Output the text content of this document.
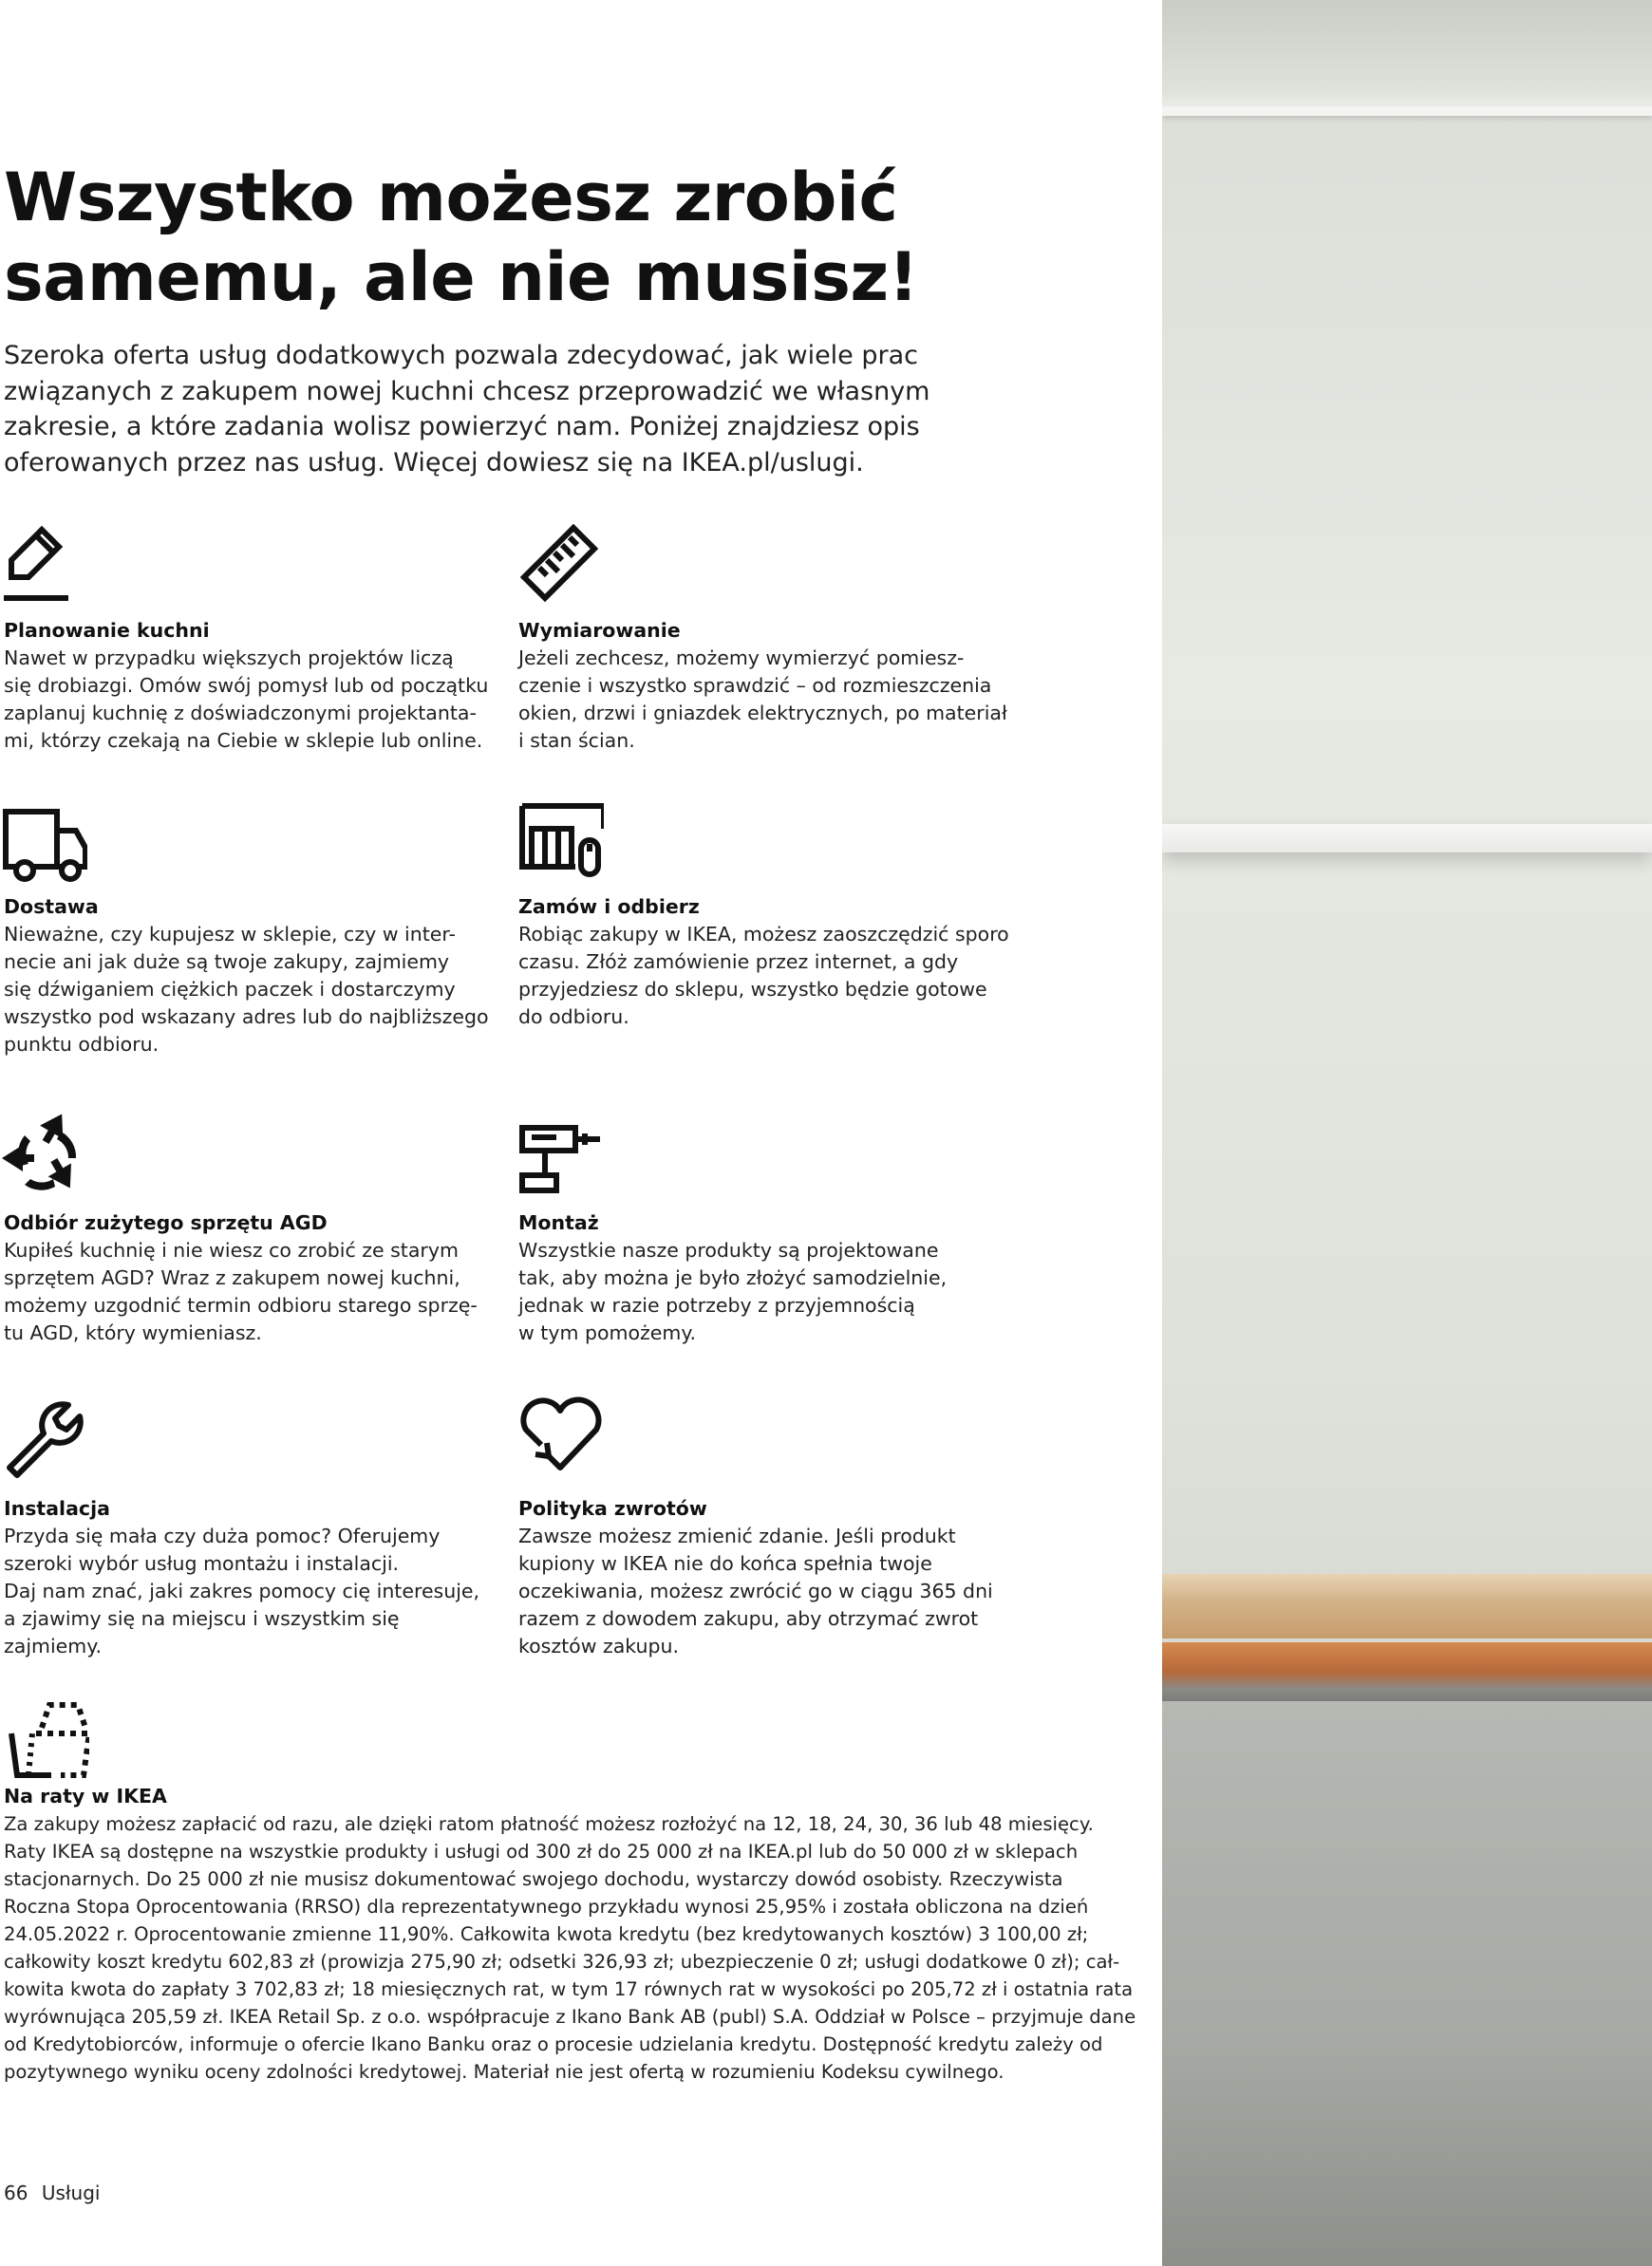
Wszystko możesz zrobić
samemu, ale nie musisz!

Szeroka oferta usług dodatkowych pozwala zdecydować, jak wiele prac
związanych z zakupem nowej kuchni chcesz przeprowadzić we własnym
zakresie, a które zadania wolisz powierzyć nam. Poniżej znajdziesz opis
oferowanych przez nas usług. Więcej dowiesz się na IKEA.pl/uslugi.

Planowanie kuchni
Nawet w przypadku większych projektów liczą
się drobiazgi. Omów swój pomysł lub od początku
zaplanuj kuchnię z doświadczonymi projektanta-
mi, którzy czekają na Ciebie w sklepie lub online.
Wymiarowanie
Jeżeli zechcesz, możemy wymierzyć pomiesz-
czenie i wszystko sprawdzić – od rozmieszczenia
okien, drzwi i gniazdek elektrycznych, po materiał
i stan ścian.
Dostawa
Nieważne, czy kupujesz w sklepie, czy w inter-
necie ani jak duże są twoje zakupy, zajmiemy
się dźwiganiem ciężkich paczek i dostarczymy
wszystko pod wskazany adres lub do najbliższego
punktu odbioru.
Zamów i odbierz
Robiąc zakupy w IKEA, możesz zaoszczędzić sporo
czasu. Złóż zamówienie przez internet, a gdy
przyjedziesz do sklepu, wszystko będzie gotowe
do odbioru.
Odbiór zużytego sprzętu AGD
Kupiłeś kuchnię i nie wiesz co zrobić ze starym
sprzętem AGD? Wraz z zakupem nowej kuchni,
możemy uzgodnić termin odbioru starego sprzę-
tu AGD, który wymieniasz.
Montaż
Wszystkie nasze produkty są projektowane
tak, aby można je było złożyć samodzielnie,
jednak w razie potrzeby z przyjemnością
w tym pomożemy.
Instalacja
Przyda się mała czy duża pomoc? Oferujemy
szeroki wybór usług montażu i instalacji.
Daj nam znać, jaki zakres pomocy cię interesuje,
a zjawimy się na miejscu i wszystkim się
zajmiemy.
Polityka zwrotów
Zawsze możesz zmienić zdanie. Jeśli produkt
kupiony w IKEA nie do końca spełnia twoje
oczekiwania, możesz zwrócić go w ciągu 365 dni
razem z dowodem zakupu, aby otrzymać zwrot
kosztów zakupu.
Na raty w IKEA
Za zakupy możesz zapłacić od razu, ale dzięki ratom płatność możesz rozłożyć na 12, 18, 24, 30, 36 lub 48 miesięcy.
Raty IKEA są dostępne na wszystkie produkty i usługi od 300 zł do 25 000 zł na IKEA.pl lub do 50 000 zł w sklepach
stacjonarnych. Do 25 000 zł nie musisz dokumentować swojego dochodu, wystarczy dowód osobisty. Rzeczywista
Roczna Stopa Oprocentowania (RRSO) dla reprezentatywnego przykładu wynosi 25,95% i została obliczona na dzień
24.05.2022 r. Oprocentowanie zmienne 11,90%. Całkowita kwota kredytu (bez kredytowanych kosztów) 3 100,00 zł;
całkowity koszt kredytu 602,83 zł (prowizja 275,90 zł; odsetki 326,93 zł; ubezpieczenie 0 zł; usługi dodatkowe 0 zł); cał-
kowita kwota do zapłaty 3 702,83 zł; 18 miesięcznych rat, w tym 17 równych rat w wysokości po 205,72 zł i ostatnia rata
wyrównująca 205,59 zł. IKEA Retail Sp. z o.o. współpracuje z Ikano Bank AB (publ) S.A. Oddział w Polsce – przyjmuje dane
od Kredytobiorców, informuje o ofercie Ikano Banku oraz o procesie udzielania kredytu. Dostępność kredytu zależy od
pozytywnego wyniku oceny zdolności kredytowej. Materiał nie jest ofertą w rozumieniu Kodeksu cywilnego.
66 Usługi
